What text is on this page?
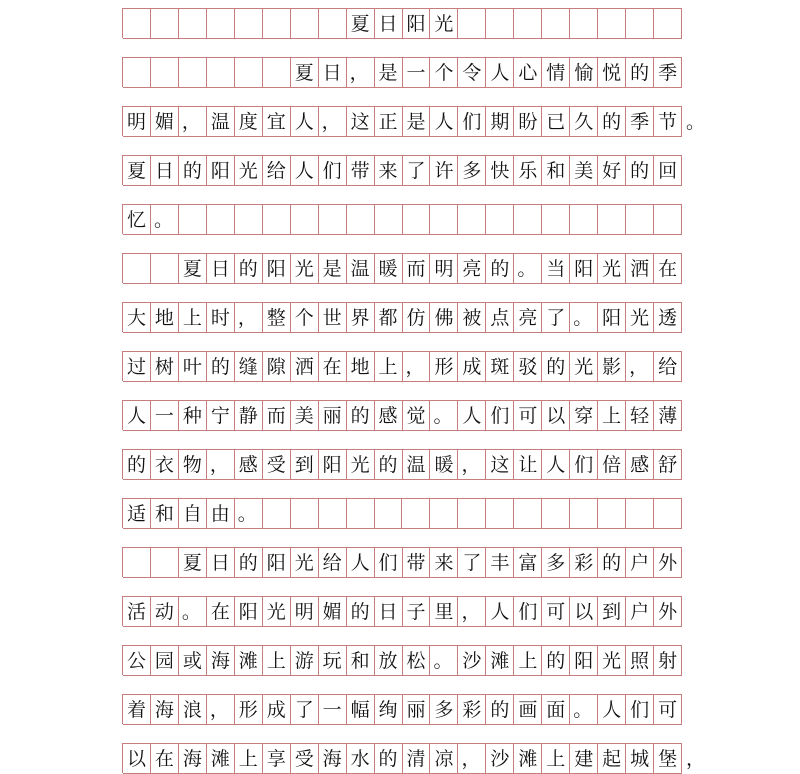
夏 日 阳 光
夏 日 ， 是 一 个 令 人 心 情 愉 悦 的 季
明 媚 ， 温 度 宜 人 ， 这 正 是 人 们 期 盼 已 久 的 季 节 。
夏 日 的 阳 光 给 人 们 带 来 了 许 多 快 乐 和 美 好 的 回
忆 。
夏 日 的 阳 光 是 温 暖 而 明 亮 的 。 当 阳 光 洒 在
大 地 上 时 ， 整 个 世 界 都 仿 佛 被 点 亮 了 。 阳 光 透
过 树 叶 的 缝 隙 洒 在 地 上 ， 形 成 斑 驳 的 光 影 ， 给
人 一 种 宁 静 而 美 丽 的 感 觉 。 人 们 可 以 穿 上 轻 薄
的 衣 物 ， 感 受 到 阳 光 的 温 暖 ， 这 让 人 们 倍 感 舒
适 和 自 由 。
夏 日 的 阳 光 给 人 们 带 来 了 丰 富 多 彩 的 户 外
活 动 。 在 阳 光 明 媚 的 日 子 里 ， 人 们 可 以 到 户 外
公 园 或 海 滩 上 游 玩 和 放 松 。 沙 滩 上 的 阳 光 照 射
着 海 浪 ， 形 成 了 一 幅 绚 丽 多 彩 的 画 面 。 人 们 可
以 在 海 滩 上 享 受 海 水 的 清 凉 ， 沙 滩 上 建 起 城 堡 ，
